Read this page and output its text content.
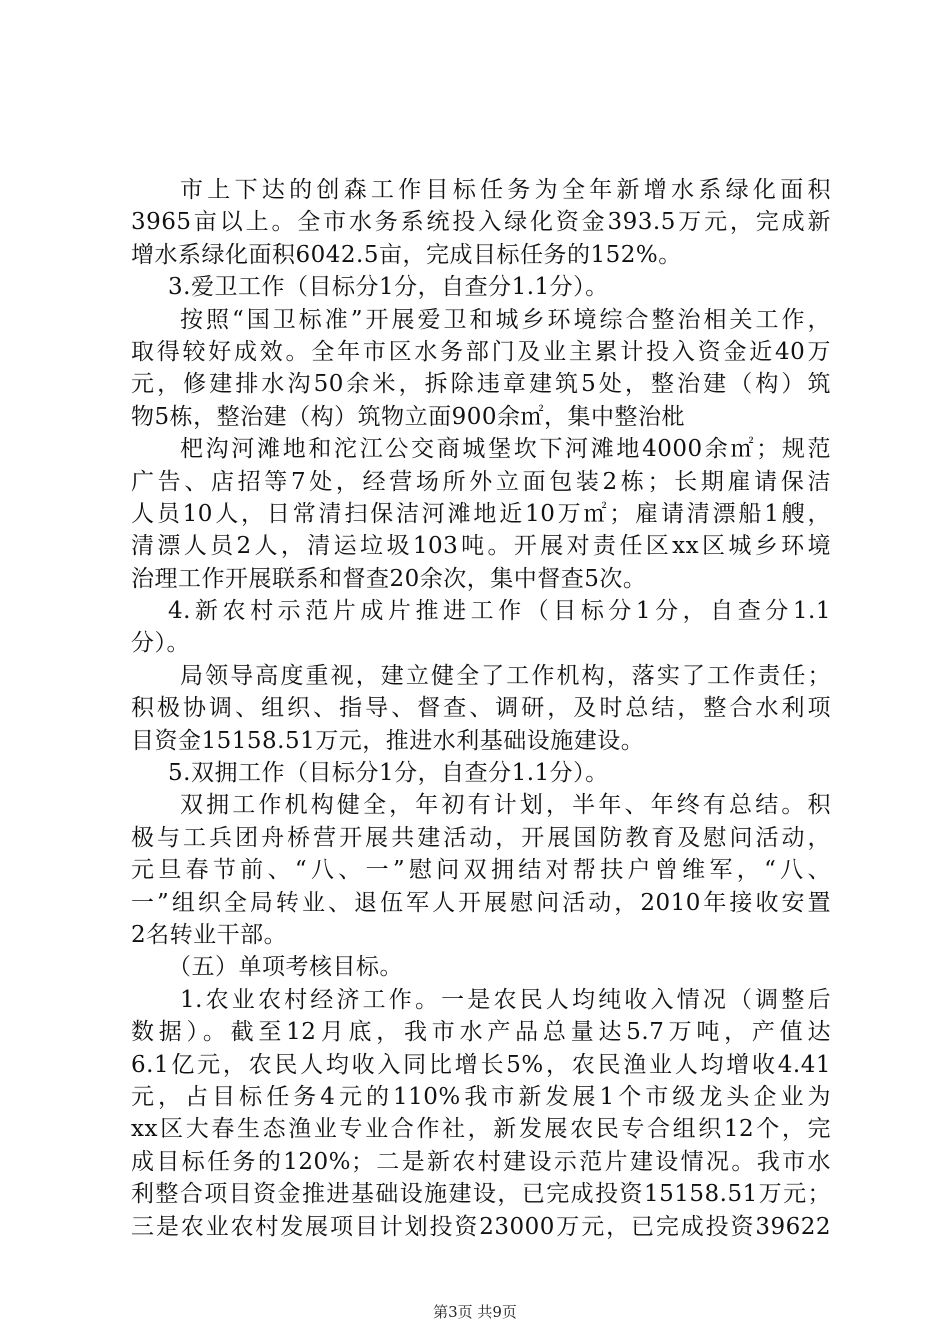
市上下达的创森工作目标任务为全年新增水系绿化面积
3965亩以上。全市水务系统投入绿化资金393.5万元，完成新
增水系绿化面积6042.5亩，完成目标任务的152%。
3.爱卫工作（目标分1分，自查分1.1分）。
按照“国卫标准”开展爱卫和城乡环境综合整治相关工作，
取得较好成效。全年市区水务部门及业主累计投入资金近40万
元，修建排水沟50余米，拆除违章建筑5处，整治建（构）筑
物5栋，整治建（构）筑物立面900余㎡，集中整治枇
杷沟河滩地和沱江公交商城堡坎下河滩地4000余㎡；规范
广告、店招等7处，经营场所外立面包装2栋；长期雇请保洁
人员10人，日常清扫保洁河滩地近10万㎡；雇请清漂船1艘，
清漂人员2人，清运垃圾103吨。开展对责任区xx区城乡环境
治理工作开展联系和督查20余次，集中督查5次。
4.新农村示范片成片推进工作（目标分1分，自查分1.1
分）。
局领导高度重视，建立健全了工作机构，落实了工作责任；
积极协调、组织、指导、督查、调研，及时总结，整合水利项
目资金15158.51万元，推进水利基础设施建设。
5.双拥工作（目标分1分，自查分1.1分）。
双拥工作机构健全，年初有计划，半年、年终有总结。积
极与工兵团舟桥营开展共建活动，开展国防教育及慰问活动，
元旦春节前、“八、一”慰问双拥结对帮扶户曾维军，“八、
一”组织全局转业、退伍军人开展慰问活动，2010年接收安置
2名转业干部。
（五）单项考核目标。
1.农业农村经济工作。一是农民人均纯收入情况（调整后
数据）。截至12月底，我市水产品总量达5.7万吨，产值达
6.1亿元，农民人均收入同比增长5%，农民渔业人均增收4.41
元，占目标任务4元的110%我市新发展1个市级龙头企业为
xx区大春生态渔业专业合作社，新发展农民专合组织12个，完
成目标任务的120%；二是新农村建设示范片建设情况。我市水
利整合项目资金推进基础设施建设，已完成投资15158.51万元；
三是农业农村发展项目计划投资23000万元，已完成投资39622
第3页 共9页
